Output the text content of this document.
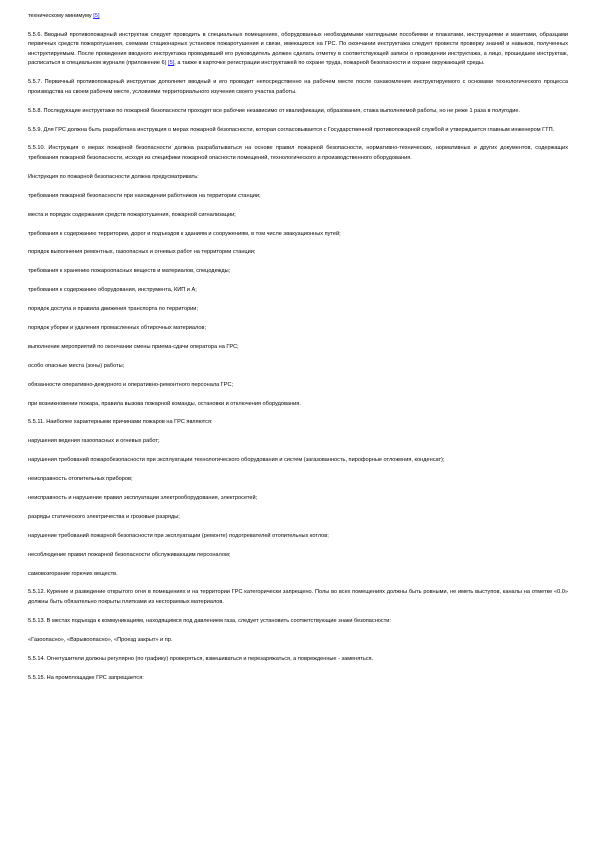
техническому минимуму [5]

5.5.6. Вводный противопожарный инструктаж следует проводить в специальных помещениях, оборудованных необходимыми наглядными пособиями и плакатами, инструкциями и макетами, образцами первичных средств пожаротушения, схемами стационарных установок пожаротушения и связи, имеющихся на ГРС. По окончании инструктажа следует провести проверку знаний и навыков, полученных инструктируемым. После проведения вводного инструктажа проводивший его руководитель должен сделать отметку в соответствующей записи о проведении инструктажа, а лицо, прошедшее инструктаж, расписаться в специальном журнале (приложение 6) [5], а также в карточке регистрации инструктажей по охране труда, пожарной безопасности и охране окружающей среды.

5.5.7. Первичный противопожарный инструктаж дополняет вводный и его проводит непосредственно на рабочем месте после ознакомления инструктируемого с основами технологического процесса производства на своем рабочем месте, условиями территориального изучения своего участка работы.

5.5.8. Последующие инструктажи по пожарной безопасности проходят все рабочие независимо от квалификации, образования, стажа выполняемой работы, но не реже 1 раза в полугодие.

5.5.9. Для ГРС должна быть разработана инструкция о мерах пожарной безопасности, которая согласовывается с Государственной противопожарной службой и утверждается главным инженером ГТП.

5.5.10. Инструкция о мерах пожарной безопасности должна разрабатываться на основе правил пожарной безопасности, нормативно-технических, нормативных и других документов, содержащих требования пожарной безопасности, исходя из специфики пожарной опасности помещений, технологического и производственного оборудования.

Инструкция по пожарной безопасности должна предусматривать:

требования пожарной безопасности при нахождении работников на территории станции;

места и порядок содержания средств пожаротушения, пожарной сигнализации;

требования к содержанию территории, дорог и подъездов к зданиям и сооружениям, в том числе эвакуационных путей;

порядок выполнения ремонтных, газоопасных и огневых работ на территории станции;

требования к хранению пожароопасных веществ и материалов, спецодежды;

требования к содержанию оборудования, инструмента, КИП и А;

порядок доступа и правила движения транспорта по территории;

порядок уборки и удаления промасленных обтирочных материалов;

выполнение мероприятий по окончании смены приема-сдачи оператора на ГРС;

особо опасные места (зоны) работы;

обязанности оперативно-дежурного и оперативно-ремонтного персонала ГРС;

при возникновении пожара, правила вызова пожарной команды, остановки и отключения оборудования.

5.5.11. Наиболее характерными причинами пожаров на ГРС являются:

нарушения ведения газоопасных и огневых работ;

нарушения требований пожаробезопасности при эксплуатации технологического оборудования и систем (загазованность, пирофорные отложения, конденсат);

неисправность отопительных приборов;

неисправность и нарушение правил эксплуатации электрооборудования, электросетей;

разряды статического электричества и грозовые разряды;

нарушение требований пожарной безопасности при эксплуатации (ремонте) подогревателей отопительных котлов;

несоблюдение правил пожарной безопасности обслуживающим персоналом;

самовозгорание горючих веществ.

5.5.12. Курение и разведение открытого огня в помещениях и на территории ГРС категорически запрещено. Полы во всех помещениях должны быть ровными, не иметь выступов, каналы на отметке «0.0» должны быть обязательно покрыты плитками из несгораемых материалов.

5.5.13. В местах подъезда к коммуникациям, находящимся под давлением газа, следует установить соответствующие знаки безопасности:

«Газоопасно», «Взрывоопасно», «Проезд закрыт» и пр.

5.5.14. Огнетушители должны регулярно (по графику) проверяться, взвешиваться и перезаряжаться, а поврежденные - заменяться.

5.5.15. На промплощадке ГРС запрещается:
